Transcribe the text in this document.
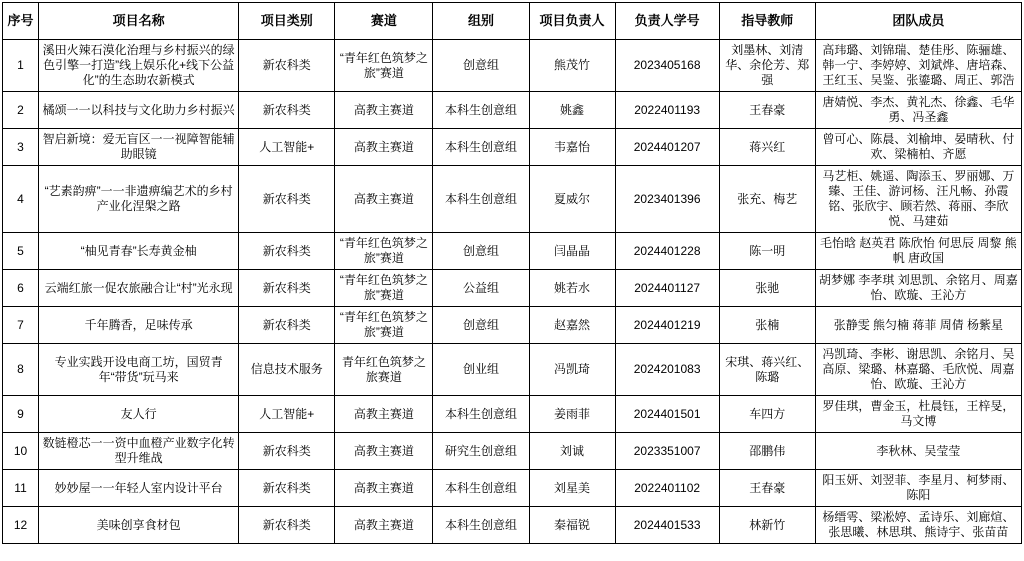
序号	项目名称	项目类别	赛道	组别	项目负责人	负责人学号	指导教师	团队成员
1	溪田火辣石漠化治理与乡村振兴的绿色引擎一打造”线上娱乐化+线下公益化”的生态助农新模式	新农科类	“青年红色筑梦之旅”赛道	创意组	熊茂竹	2023405168	刘墨林、刘清华、余伦芳、郑强	高玮璐、刘锦瑞、楚佳彤、陈骊雄、韩一宁、李婷婷、刘斌烨、唐培森、王红玉、吴鉴、张鎏璐、周正、郭浩
2	橘颂一一以科技与文化助力乡村振兴	新农科类	高教主赛道	本科生创意组	姚鑫	2022401193	王春豪	唐婧悦、李杰、黄礼杰、徐鑫、毛华勇、冯圣鑫
3	智启新境：爱无盲区一一视障智能辅助眼镜	人工智能+	高教主赛道	本科生创意组	韦嘉怡	2024401207	蒋兴红	曾可心、陈晨、刘榆坤、晏晴秋、付欢、梁楠柏、齐愿
4	“艺素韵痹”一一非遗痹编艺术的乡村产业化涅槃之路	新农科类	高教主赛道	本科生创意组	夏威尔	2023401396	张充、梅艺	马艺柜、姚遥、陶添玉、罗丽娜、万臻、王佳、游诃杨、汪凡畅、孙霞铭、张欣宇、顾若然、蒋丽、李欣悦、马建茹
5	“柚见青春”长寿黄金柚	新农科类	“青年红色筑梦之旅”赛道	创意组	闫晶晶	2024401228	陈一明	毛怡晗 赵英君 陈欣怡 何思辰 周黎 熊帆 唐政国
6	云端红旅一促农旅融合让“村”光永现	新农科类	“青年红色筑梦之旅”赛道	公益组	姚若水	2024401127	张驰	胡梦娜 李孝琪 刘思凯、余铭月、周嘉怡、欧璇、王沁方
7	千年腾香，足味传承	新农科类	“青年红色筑梦之旅”赛道	创意组	赵嘉然	2024401219	张楠	张静雯 熊匀楠 蒋菲 周倩 杨紫星
8	专业实践开设电商工坊，国贸青年“带货”玩马来	信息技术服务	青年红色筑梦之旅赛道	创业组	冯凯琦	2024201083	宋琪、蒋兴红、陈璐	冯凯琦、李彬、谢思凯、余铭月、吴高原、梁璐、林嘉璐、毛欣悦、周嘉怡、欧璇、王沁方
9	友人行	人工智能+	高教主赛道	本科生创意组	姜雨菲	2024401501	车四方	罗佳琪，曹金玉，杜晨钰，王梓旻，马文博
10	数链橙芯一一资中血橙产业数字化转型升维战	新农科类	高教主赛道	研究生创意组	刘诚	2023351007	邵鹏伟	李秋林、吴莹莹
11	妙妙屋一一年轻人室内设计平台	新农科类	高教主赛道	本科生创意组	刘星美	2022401102	王春豪	阳玉妍、刘翌菲、李星月、柯梦雨、陈阳
12	美味创享食材包	新农科类	高教主赛道	本科生创意组	秦福锐	2024401533	林新竹	杨缙雩、梁凇婷、孟诗乐、刘廊煊、张思曦、林思琪、熊诗宇、张苗苗
